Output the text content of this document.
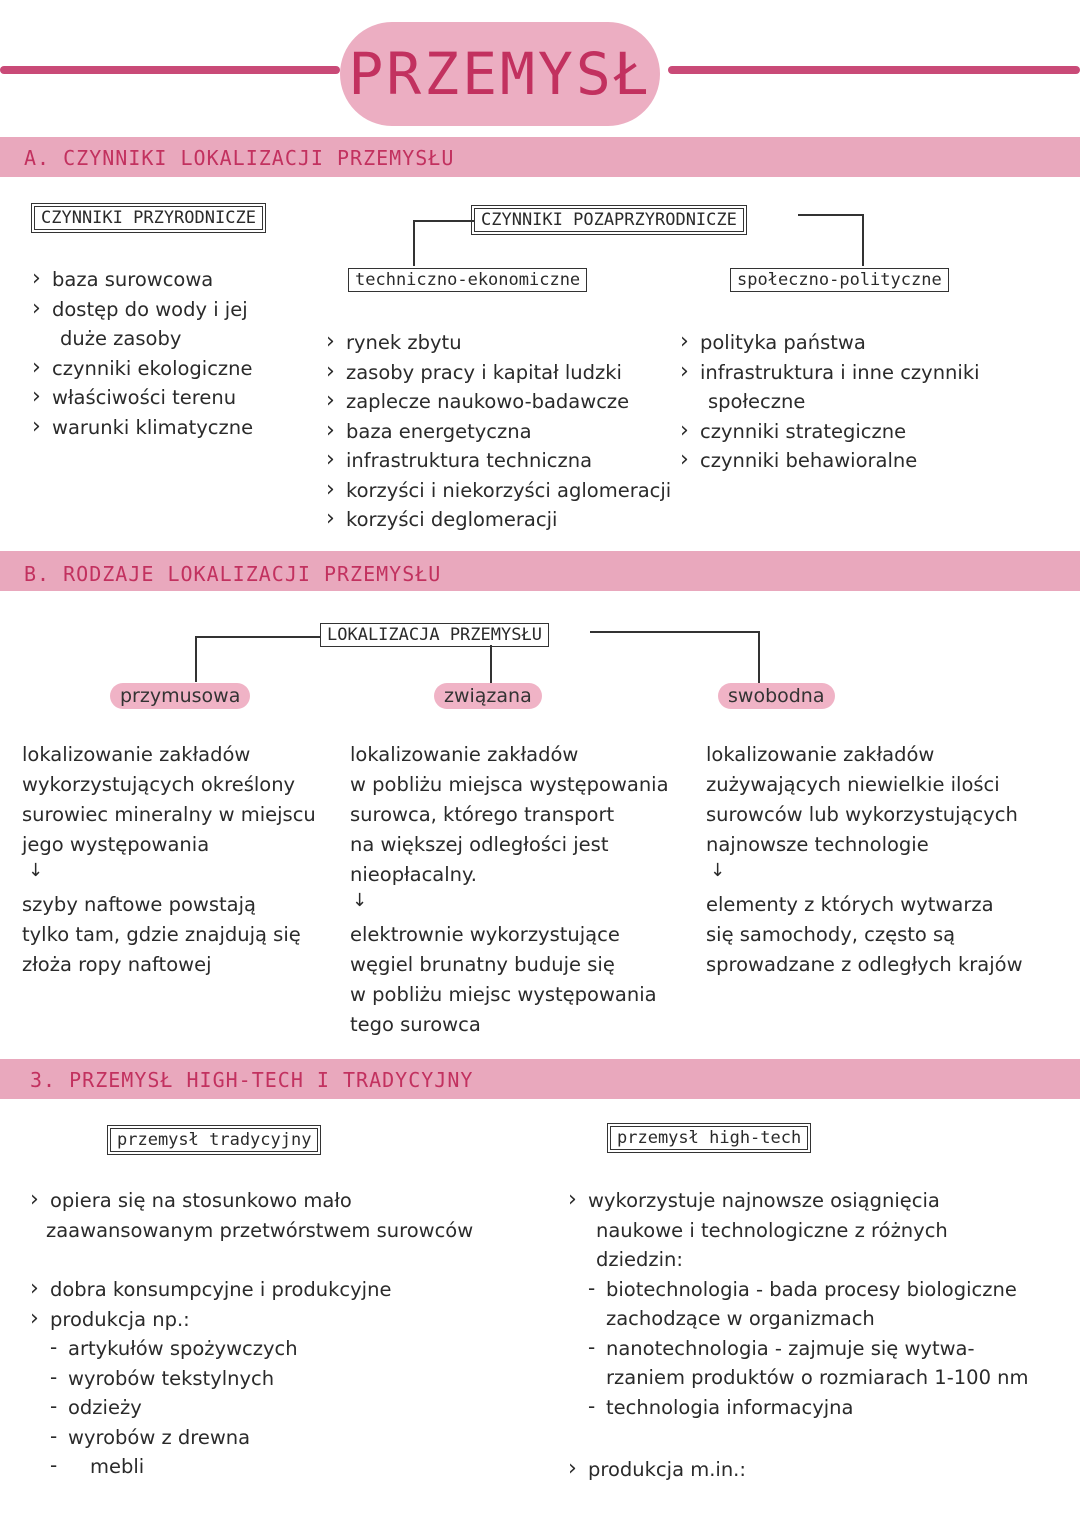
PRZEMYSŁ
A. CZYNNIKI LOKALIZACJI PRZEMYSŁU
CZYNNIKI PRZYRODNICZE
› baza surowcowa
› dostęp do wody i jej
duże zasoby
› czynniki ekologiczne
› właściwości terenu
› warunki klimatyczne
CZYNNIKI POZAPRZYRODNICZE
techniczno-ekonomiczne	społeczno-polityczne
› rynek zbytu
› zasoby pracy i kapitał ludzki
› zaplecze naukowo-badawcze
› baza energetyczna
› infrastruktura techniczna
› korzyści i niekorzyści aglomeracji
› korzyści deglomeracji
› polityka państwa
› infrastruktura i inne czynniki
społeczne
› czynniki strategiczne
› czynniki behawioralne
B. RODZAJE LOKALIZACJI PRZEMYSŁU
LOKALIZACJA PRZEMYSŁU
przymusowa	związana	swobodna
lokalizowanie zakładów
wykorzystujących określony
surowiec mineralny w miejscu
jego występowania
↓
szyby naftowe powstają
tylko tam, gdzie znajdują się
złoża ropy naftowej
lokalizowanie zakładów
w pobliżu miejsca występowania
surowca, którego transport
na większej odległości jest
nieopłacalny.
↓
elektrownie wykorzystujące
węgiel brunatny buduje się
w pobliżu miejsc występowania
tego surowca
lokalizowanie zakładów
zużywających niewielkie ilości
surowców lub wykorzystujących
najnowsze technologie
↓
elementy z których wytwarza
się samochody, często są
sprowadzane z odległych krajów
3. PRZEMYSŁ HIGH-TECH I TRADYCYJNY
przemysł tradycyjny	przemysł high-tech
› opiera się na stosunkowo mało
zaawansowanym przetwórstwem surowców
› dobra konsumpcyjne i produkcyjne
› produkcja np.:
- artykułów spożywczych
- wyrobów tekstylnych
- odzieży
- wyrobów z drewna
- mebli
› wykorzystuje najnowsze osiągnięcia
naukowe i technologiczne z różnych
dziedzin:
- biotechnologia - bada procesy biologiczne
zachodzące w organizmach
- nanotechnologia - zajmuje się wytwa-
rzaniem produktów o rozmiarach 1-100 nm
- technologia informacyjna
› produkcja m.in.:
